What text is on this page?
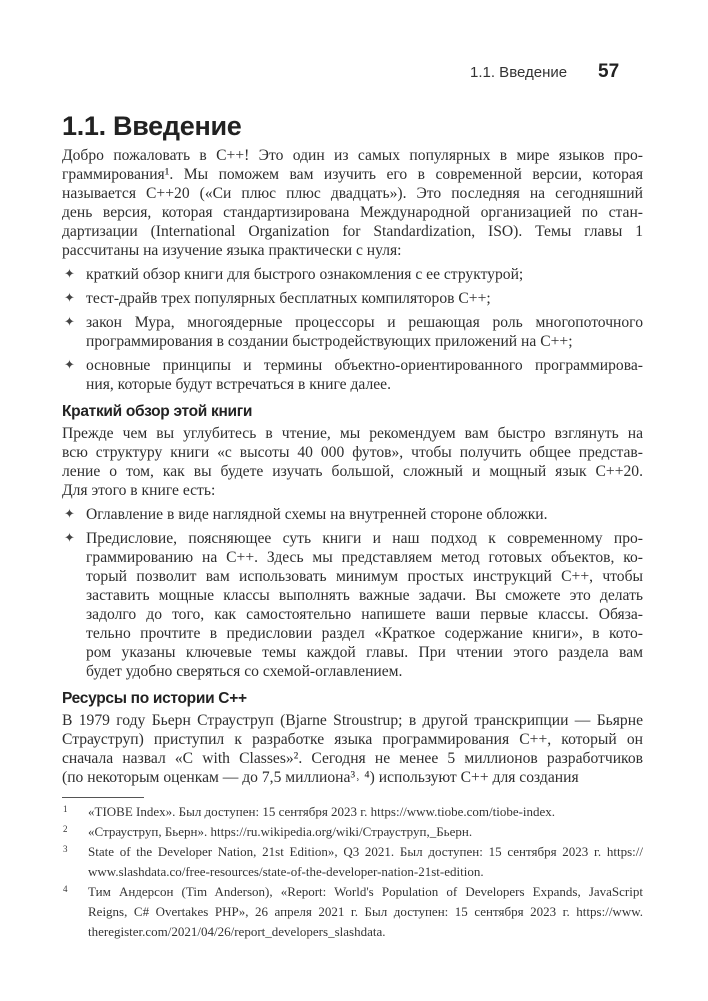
1.1. Введение 57
1.1. Введение
Добро пожаловать в С++! Это один из самых популярных в мире языков про-
граммирования¹. Мы поможем вам изучить его в современной версии, которая
называется С++20 («Си плюс плюс двадцать»). Это последняя на сегодняшний
день версия, которая стандартизирована Международной организацией по стан-
дартизации (International Organization for Standardization, ISO). Темы главы 1
рассчитаны на изучение языка практически с нуля:
✦ краткий обзор книги для быстрого ознакомления с ее структурой;
✦ тест-драйв трех популярных бесплатных компиляторов С++;
✦ закон Мура, многоядерные процессоры и решающая роль многопоточного
программирования в создании быстродействующих приложений на С++;
✦ основные принципы и термины объектно-ориентированного программирова-
ния, которые будут встречаться в книге далее.
Краткий обзор этой книги
Прежде чем вы углубитесь в чтение, мы рекомендуем вам быстро взглянуть на
всю структуру книги «с высоты 40 000 футов», чтобы получить общее представ-
ление о том, как вы будете изучать большой, сложный и мощный язык С++20.
Для этого в книге есть:
✦ Оглавление в виде наглядной схемы на внутренней стороне обложки.
✦ Предисловие, поясняющее суть книги и наш подход к современному про-
граммированию на С++. Здесь мы представляем метод готовых объектов, ко-
торый позволит вам использовать минимум простых инструкций С++, чтобы
заставить мощные классы выполнять важные задачи. Вы сможете это делать
задолго до того, как самостоятельно напишете ваши первые классы. Обяза-
тельно прочтите в предисловии раздел «Краткое содержание книги», в кото-
ром указаны ключевые темы каждой главы. При чтении этого раздела вам
будет удобно сверяться со схемой-оглавлением.
Ресурсы по истории С++
В 1979 году Бьерн Страуструп (Bjarne Stroustrup; в другой транскрипции — Бьярне
Страуструп) приступил к разработке языка программирования С++, который он
сначала назвал «C with Classes»². Сегодня не менее 5 миллионов разработчиков
(по некоторым оценкам — до 7,5 миллиона³˒ ⁴) используют С++ для создания
1 «TIOBE Index». Был доступен: 15 сентября 2023 г. https://www.tiobe.com/tiobe-index.
2 «Страуструп, Бьерн». https://ru.wikipedia.org/wiki/Страуструп,_Бьерн.
3 State of the Developer Nation, 21st Edition», Q3 2021. Был доступен: 15 сентября 2023 г. https://
www.slashdata.co/free-resources/state-of-the-developer-nation-21st-edition.
4 Тим Андерсон (Tim Anderson), «Report: World's Population of Developers Expands, JavaScript
Reigns, C# Overtakes PHP», 26 апреля 2021 г. Был доступен: 15 сентября 2023 г. https://www.
theregister.com/2021/04/26/report_developers_slashdata.
